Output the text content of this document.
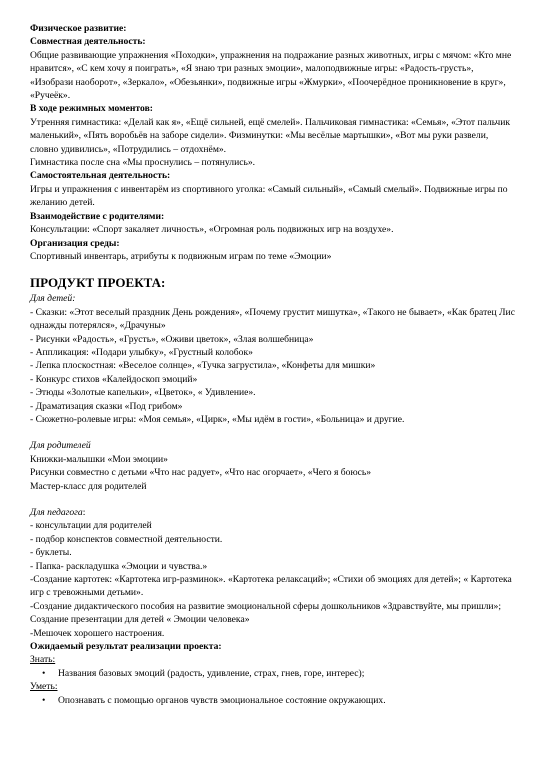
Физическое развитие:

Совместная деятельность:

Общие развивающие упражнения «Походки», упражнения на подражание разных животных, игры с мячом: «Кто мне нравится», «С кем хочу я поиграть», «Я знаю три разных эмоции», малоподвижные игры: «Радость-грусть», «Изобрази наоборот», «Зеркало», «Обезьянки», подвижные игры «Жмурки», «Поочерёдное проникновение в круг», «Ручеёк».

В ходе режимных моментов:

Утренняя гимнастика: «Делай как я», «Ещё сильней, ещё смелей». Пальчиковая гимнастика: «Семья», «Этот пальчик маленький», «Пять воробьёв на заборе сидели». Физминутки: «Мы весёлые мартышки», «Вот мы руки развели, словно удивились», «Потрудились – отдохнём».

Гимнастика после сна «Мы проснулись – потянулись».

Самостоятельная деятельность:

Игры и упражнения с инвентарём из спортивного уголка: «Самый сильный», «Самый смелый». Подвижные игры по желанию детей.

Взаимодействие с родителями:

Консультации: «Спорт закаляет личность», «Огромная роль подвижных игр на воздухе».

Организация среды:

Спортивный инвентарь, атрибуты к подвижным играм по теме «Эмоции»

ПРОДУКТ ПРОЕКТА:

Для детей:

- Сказки: «Этот веселый праздник День рождения», «Почему грустит мишутка», «Такого не бывает», «Как братец Лис однажды потерялся», «Драчуны»

- Рисунки «Радость», «Грусть», «Оживи цветок», «Злая волшебница»

- Аппликация: «Подари улыбку», «Грустный колобок»

- Лепка плоскостная: «Веселое солнце», «Тучка загрустила», «Конфеты для мишки»

- Конкурс стихов «Калейдоскоп эмоций»

- Этюды «Золотые капельки», «Цветок», « Удивление».

- Драматизация сказки «Под грибом»

- Сюжетно-ролевые игры: «Моя семья», «Цирк», «Мы идём в гости», «Больница» и другие.

Для родителей

Книжки-малышки «Мои эмоции»

Рисунки совместно с детьми «Что нас радует», «Что нас огорчает», «Чего я боюсь»

Мастер-класс для родителей

Для педагога:

- консультации для родителей

- подбор конспектов совместной деятельности.

- буклеты.

- Папка- раскладушка «Эмоции и чувства.»

-Создание картотек: «Картотека игр-разминок». «Картотека релаксаций»; «Стихи об эмоциях для детей»; « Картотека игр с тревожными детьми».

-Создание дидактического пособия на развитие эмоциональной сферы дошкольников «Здравствуйте, мы пришли»;

Создание презентации для детей « Эмоции человека»

-Мешочек хорошего настроения.

Ожидаемый результат реализации проекта:

Знать:

• Названия базовых эмоций (радость, удивление, страх, гнев, горе, интерес);

Уметь:

• Опознавать с помощью органов чувств эмоциональное состояние окружающих.
